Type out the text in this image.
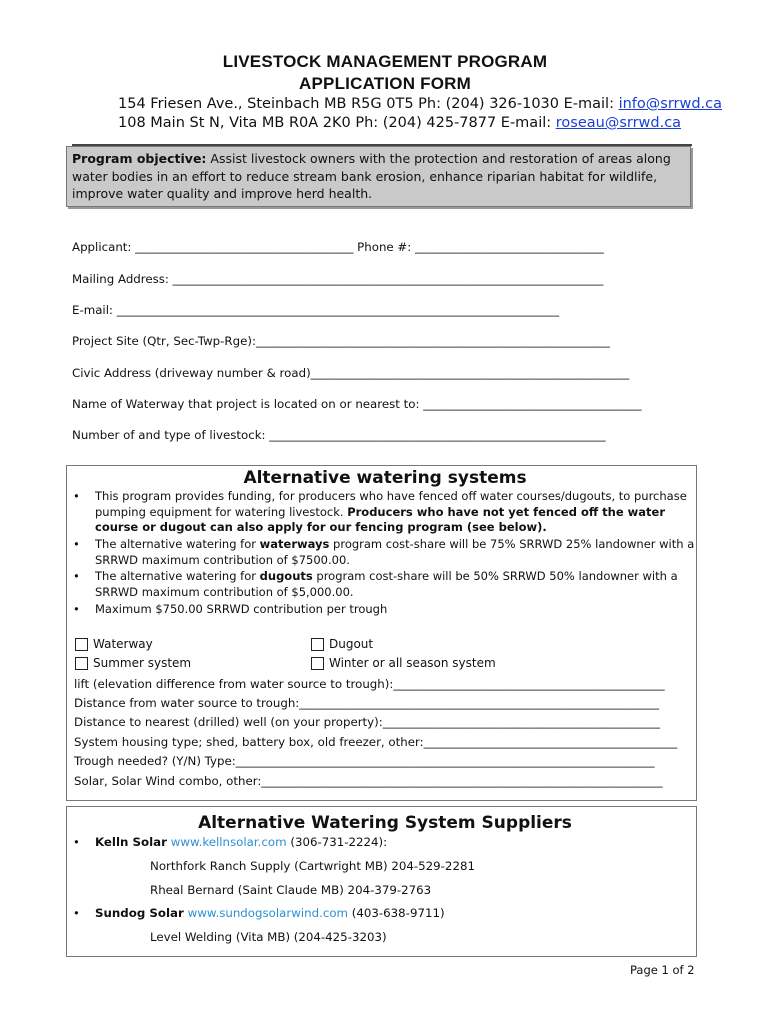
LIVESTOCK MANAGEMENT PROGRAM
APPLICATION FORM
154 Friesen Ave., Steinbach MB R5G 0T5 Ph: (204) 326-1030 E-mail: info@srrwd.ca
108 Main St N, Vita MB R0A 2K0 Ph: (204) 425-7877 E-mail: roseau@srrwd.ca
Program objective: Assist livestock owners with the protection and restoration of areas along water bodies in an effort to reduce stream bank erosion, enhance riparian habitat for wildlife, improve water quality and improve herd health.
Applicant: _____________________________________ Phone #: ________________________________
Mailing Address: _________________________________________________________________________
E-mail: ___________________________________________________________________________
Project Site (Qtr, Sec-Twp-Rge):____________________________________________________________
Civic Address (driveway number & road)______________________________________________________
Name of Waterway that project is located on or nearest to: _____________________________________
Number of and type of livestock: _________________________________________________________
Alternative watering systems
• This program provides funding, for producers who have fenced off water courses/dugouts, to purchase pumping equipment for watering livestock. Producers who have not yet fenced off the water course or dugout can also apply for our fencing program (see below).
• The alternative watering for waterways program cost-share will be 75% SRRWD 25% landowner with a SRRWD maximum contribution of $7500.00.
• The alternative watering for dugouts program cost-share will be 50% SRRWD 50% landowner with a SRRWD maximum contribution of $5,000.00.
• Maximum $750.00 SRRWD contribution per trough
Waterway	Dugout
Summer system	Winter or all season system
lift (elevation difference from water source to trough):______________________________________________
Distance from water source to trough:_____________________________________________________________
Distance to nearest (drilled) well (on your property):_______________________________________________
System housing type; shed, battery box, old freezer, other:___________________________________________
Trough needed? (Y/N) Type:_______________________________________________________________________
Solar, Solar Wind combo, other:____________________________________________________________________
Alternative Watering System Suppliers
• Kelln Solar www.kellnsolar.com (306-731-2224):
Northfork Ranch Supply (Cartwright MB) 204-529-2281
Rheal Bernard (Saint Claude MB) 204-379-2763
• Sundog Solar www.sundogsolarwind.com (403-638-9711)
Level Welding (Vita MB) (204-425-3203)
Page 1 of 2
